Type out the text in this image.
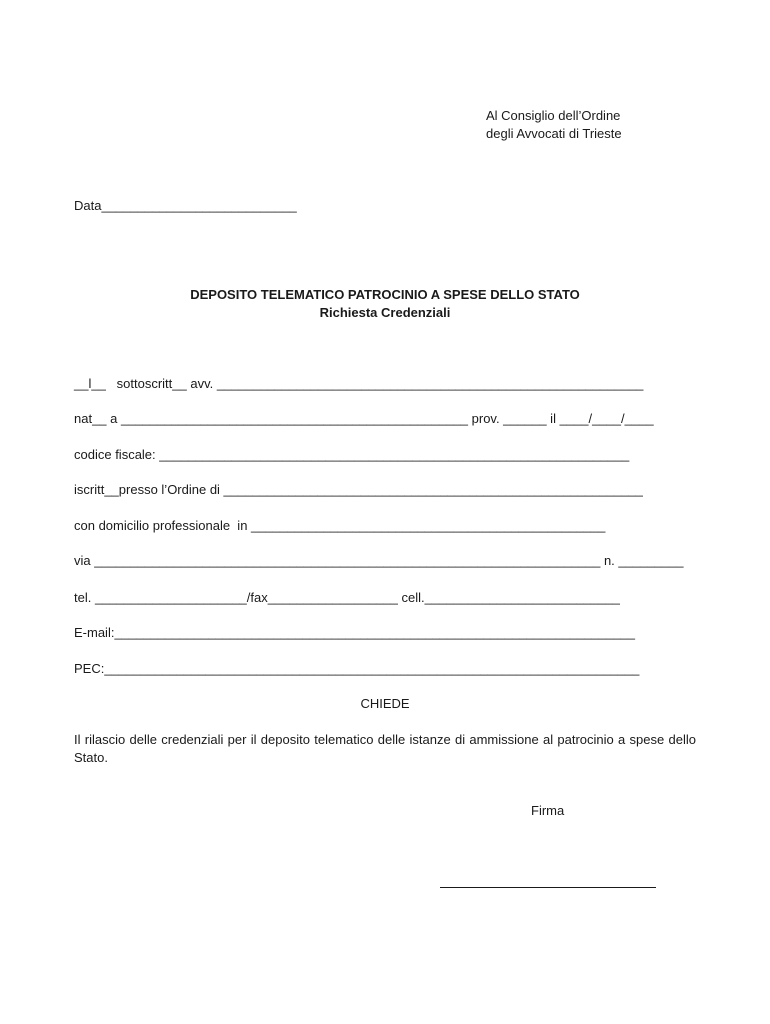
Al Consiglio dell’Ordine
degli Avvocati di Trieste
Data___________________________
DEPOSITO TELEMATICO PATROCINIO A SPESE DELLO STATO
Richiesta Credenziali
__l__   sottoscritt__ avv. ___________________________________________________________
nat__ a ________________________________________________ prov. ______ il ____/____/____
codice fiscale: _________________________________________________________________
iscritt__presso l’Ordine di __________________________________________________________
con domicilio professionale  in _________________________________________________
via ______________________________________________________________________ n. _________
tel. _____________________/fax__________________ cell.___________________________
E-mail:________________________________________________________________________
PEC:__________________________________________________________________________
CHIEDE
Il rilascio delle credenziali per il deposito telematico delle istanze di ammissione al patrocinio a spese dello Stato.
Firma
